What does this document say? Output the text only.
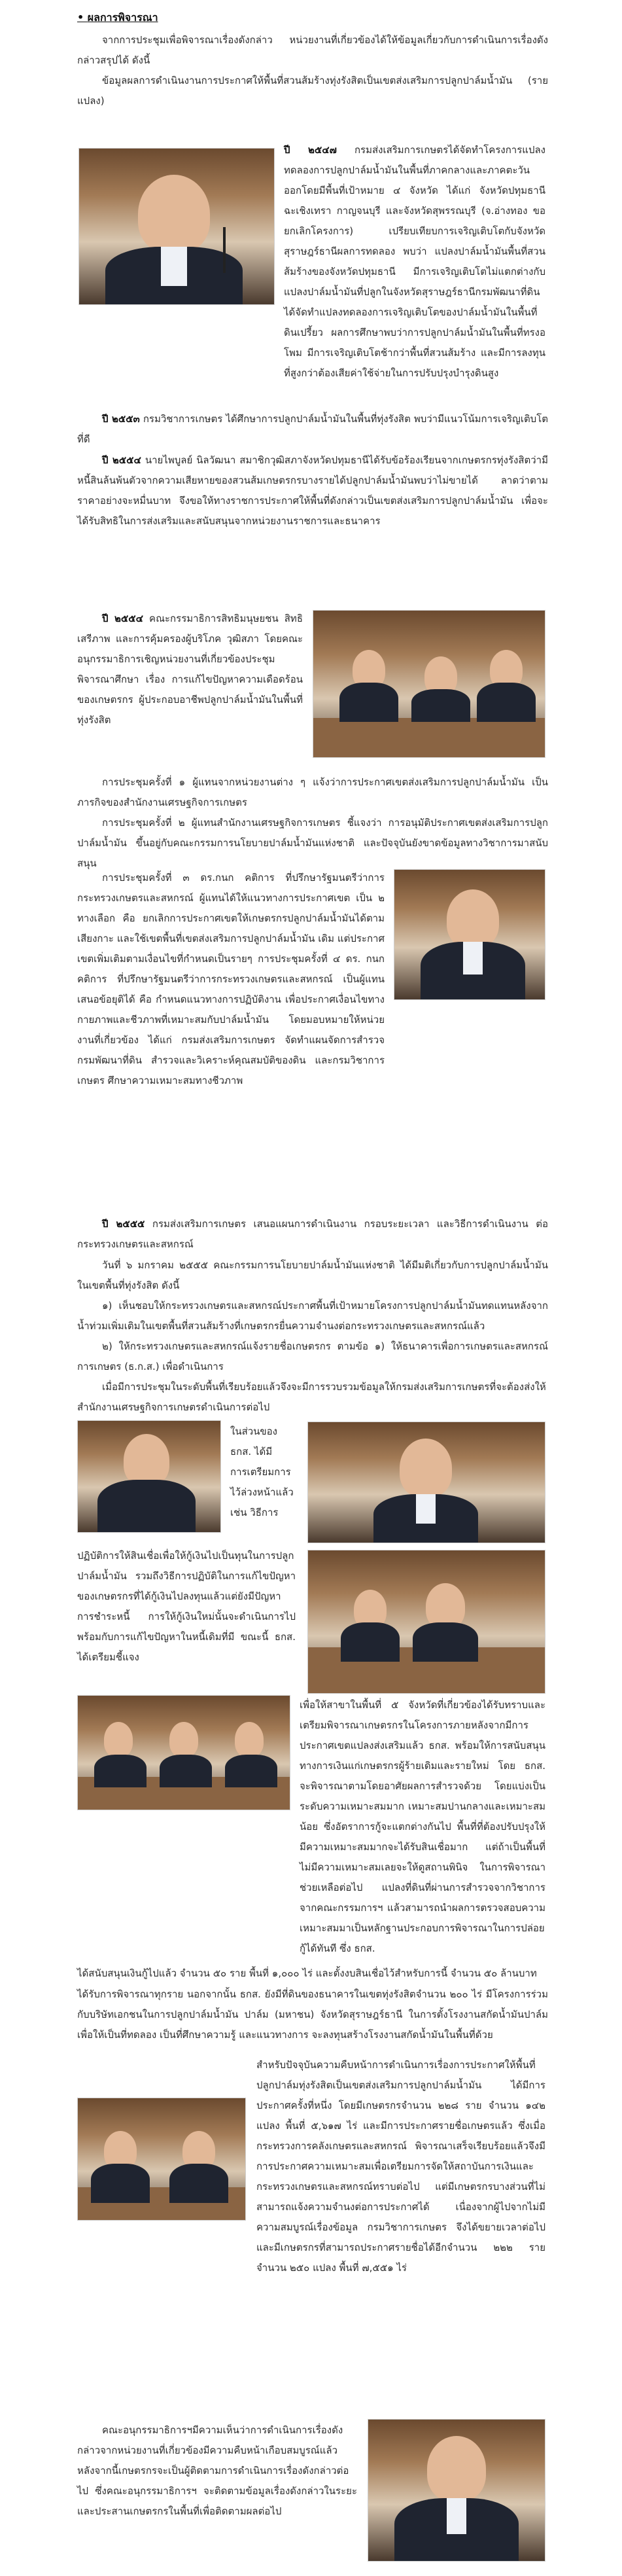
• ผลการพิจารณา

จากการประชุมเพื่อพิจารณาเรื่องดังกล่าว หน่วยงานที่เกี่ยวข้องได้ให้ข้อมูลเกี่ยวกับการดำเนินการเรื่องดังกล่าวสรุปได้ ดังนี้

ข้อมูลผลการดำเนินงานการประกาศให้พื้นที่สวนส้มร้างทุ่งรังสิตเป็นเขตส่งเสริมการปลูกปาล์มน้ำมัน (รายแปลง)

ปี ๒๕๔๗ กรมส่งเสริมการเกษตรได้จัดทำโครงการแปลงทดลองการปลูกปาล์มน้ำมันในพื้นที่ภาคกลางและภาคตะวันออกโดยมีพื้นที่เป้าหมาย ๔ จังหวัด ได้แก่ จังหวัดปทุมธานี ฉะเชิงเทรา กาญจนบุรี และจังหวัดสุพรรณบุรี (จ.อ่างทอง ขอยกเลิกโครงการ) เปรียบเทียบการเจริญเติบโตกับจังหวัดสุราษฎร์ธานีผลการทดลอง พบว่า แปลงปาล์มน้ำมันพื้นที่สวนส้มร้างของจังหวัดปทุมธานี มีการเจริญเติบโตไม่แตกต่างกับแปลงปาล์มน้ำมันที่ปลูกในจังหวัดสุราษฎร์ธานีกรมพัฒนาที่ดิน ได้จัดทำแปลงทดลองการเจริญเติบโตของปาล์มน้ำมันในพื้นที่ดินเปรี้ยว ผลการศึกษาพบว่าการปลูกปาล์มน้ำมันในพื้นที่ทรงอโพม มีการเจริญเติบโตช้ากว่าพื้นที่สวนส้มร้าง และมีการลงทุนที่สูงกว่าต้องเสียค่าใช้จ่ายในการปรับปรุงบำรุงดินสูง

ปี ๒๕๕๓ กรมวิชาการเกษตร ได้ศึกษาการปลูกปาล์มน้ำมันในพื้นที่ทุ่งรังสิต พบว่ามีแนวโน้มการเจริญเติบโตที่ดี

ปี ๒๕๕๔ นายไพบูลย์ นิลวัฒนา สมาชิกวุฒิสภาจังหวัดปทุมธานีได้รับข้อร้องเรียนจากเกษตรกรทุ่งรังสิตว่ามีหนี้สินล้นพ้นตัวจากความเสียหายของสวนส้มเกษตรกรบางรายได้ปลูกปาล์มน้ำมันพบว่าไม่ขายได้ ลาดว่าตามราคาอย่างจะหมื่นบาท จึงขอให้ทางราชการประกาศให้พื้นที่ดังกล่าวเป็นเขตส่งเสริมการปลูกปาล์มน้ำมัน เพื่อจะได้รับสิทธิในการส่งเสริมและสนับสนุนจากหน่วยงานราชการและธนาคาร

ปี ๒๕๕๔ คณะกรรมาธิการสิทธิมนุษยชน สิทธิเสรีภาพ และการคุ้มครองผู้บริโภค วุฒิสภา โดยคณะอนุกรรมาธิการเชิญหน่วยงานที่เกี่ยวข้องประชุมพิจารณาศึกษา เรื่อง การแก้ไขปัญหาความเดือดร้อนของเกษตรกร ผู้ประกอบอาชีพปลูกปาล์มน้ำมันในพื้นที่ทุ่งรังสิต

การประชุมครั้งที่ ๑ ผู้แทนจากหน่วยงานต่าง ๆ แจ้งว่าการประกาศเขตส่งเสริมการปลูกปาล์มน้ำมัน เป็นภารกิจของสำนักงานเศรษฐกิจการเกษตร

การประชุมครั้งที่ ๒ ผู้แทนสำนักงานเศรษฐกิจการเกษตร ชี้แจงว่า การอนุมัติประกาศเขตส่งเสริมการปลูกปาล์มน้ำมัน ขึ้นอยู่กับคณะกรรมการนโยบายปาล์มน้ำมันแห่งชาติ และปัจจุบันยังขาดข้อมูลทางวิชาการมาสนับสนุน

การประชุมครั้งที่ ๓ ดร.กนก คติการ ที่ปรึกษารัฐมนตรีว่าการกระทรวงเกษตรและสหกรณ์ ผู้แทนได้ให้แนวทางการประกาศเขต เป็น ๒ ทางเลือก คือ ยกเลิกการประกาศเขตให้เกษตรกรปลูกปาล์มน้ำมันได้ตามเสียงกาะ และใช้เขตพื้นที่เขตส่งเสริมการปลูกปาล์มน้ำมัน เดิม แต่ประกาศเขตเพิ่มเติมตามเงื่อนไขที่กำหนดเป็นรายๆ การประชุมครั้งที่ ๔ ดร. กนก คติการ ที่ปรึกษารัฐมนตรีว่าการกระทรวงเกษตรและสหกรณ์ เป็นผู้แทนเสนอข้อยุติได้ คือ กำหนดแนวทางการปฏิบัติงาน เพื่อประกาศเงื่อนไขทางกายภาพและชีวภาพที่เหมาะสมกับปาล์มน้ำมัน โดยมอบหมายให้หน่วยงานที่เกี่ยวข้อง ได้แก่ กรมส่งเสริมการเกษตร จัดทำแผนจัดการสำรวจ กรมพัฒนาที่ดิน สำรวจและวิเคราะห์คุณสมบัติของดิน และกรมวิชาการเกษตร ศึกษาความเหมาะสมทางชีวภาพ

ปี ๒๕๕๕ กรมส่งเสริมการเกษตร เสนอแผนการดำเนินงาน กรอบระยะเวลา และวิธีการดำเนินงาน ต่อกระทรวงเกษตรและสหกรณ์

วันที่ ๖ มกราคม ๒๕๕๕ คณะกรรมการนโยบายปาล์มน้ำมันแห่งชาติ ได้มีมติเกี่ยวกับการปลูกปาล์มน้ำมันในเขตพื้นที่ทุ่งรังสิต ดังนี้

๑) เห็นชอบให้กระทรวงเกษตรและสหกรณ์ประกาศพื้นที่เป้าหมายโครงการปลูกปาล์มน้ำมันทดแทนหลังจากน้ำท่วมเพิ่มเติมในเขตพื้นที่สวนส้มร้างที่เกษตรกรยื่นความจำนงต่อกระทรวงเกษตรและสหกรณ์แล้ว

๒) ให้กระทรวงเกษตรและสหกรณ์แจ้งรายชื่อเกษตรกร ตามข้อ ๑) ให้ธนาคารเพื่อการเกษตรและสหกรณ์การเกษตร (ธ.ก.ส.) เพื่อดำเนินการ

เมื่อมีการประชุมในระดับพื้นที่เรียบร้อยแล้วจึงจะมีการรวบรวมข้อมูลให้กรมส่งเสริมการเกษตรที่จะต้องส่งให้สำนักงานเศรษฐกิจการเกษตรดำเนินการต่อไป

ในส่วนของ ธกส. ได้มีการเตรียมการไว้ล่วงหน้าแล้ว เช่น วิธีการ

ปฏิบัติการให้สินเชื่อเพื่อให้กู้เงินไปเป็นทุนในการปลูกปาล์มน้ำมัน รวมถึงวิธีการปฏิบัติในการแก้ไขปัญหาของเกษตรกรที่ได้กู้เงินไปลงทุนแล้วแต่ยังมีปัญหาการชำระหนี้ การให้กู้เงินใหม่นั้นจะดำเนินการไปพร้อมกับการแก้ไขปัญหาในหนี้เดิมที่มี ขณะนี้ ธกส. ได้เตรียมชี้แจง

เพื่อให้สาขาในพื้นที่ ๕ จังหวัดที่เกี่ยวข้องได้รับทราบและเตรียมพิจารณาเกษตรกรในโครงการภายหลังจากมีการประกาศเขตแปลงส่งเสริมแล้ว ธกส. พร้อมให้การสนับสนุนทางการเงินแก่เกษตรกรผู้ร้ายเดิมและรายใหม่ โดย ธกส. จะพิจารณาตามโดยอาศัยผลการสำรวจด้วย โดยแบ่งเป็นระดับความเหมาะสมมาก เหมาะสมปานกลางและเหมาะสมน้อย ซึ่งอัตราการกู้จะแตกต่างกันไป พื้นที่ที่ต้องปรับปรุงให้มีความเหมาะสมมากจะได้รับสินเชื่อมาก แต่ถ้าเป็นพื้นที่ไม่มีความเหมาะสมเลยจะให้ดูสถานพินิจ ในการพิจารณาช่วยเหลือต่อไป แปลงที่ดินที่ผ่านการสำรวจจากวิชาการจากคณะกรรมการฯ แล้วสามารถนำผลการตรวจสอบความเหมาะสมมาเป็นหลักฐานประกอบการพิจารณาในการปล่อยกู้ได้ทันที ซึ่ง ธกส.

ได้สนับสนุนเงินกู้ไปแล้ว จำนวน ๕๐ ราย พื้นที่ ๑,๐๐๐ ไร่ และตั้งงบสินเชื่อไว้สำหรับการนี้ จำนวน ๕๐ ล้านบาท

ได้รับการพิจารณาทุกราย นอกจากนั้น ธกส. ยังมีที่ดินของธนาคารในเขตทุ่งรังสิตจำนวน ๒๐๐ ไร่ มีโครงการร่วมกับบริษัทเอกชนในการปลูกปาล์มน้ำมัน ปาล์ม (มหาชน) จังหวัดสุราษฎร์ธานี ในการตั้งโรงงานสกัดน้ำมันปาล์ม เพื่อให้เป็นที่ทดลอง เป็นที่ศึกษาความรู้ และแนวทางการ จะลงทุนสร้างโรงงานสกัดน้ำมันในพื้นที่ด้วย

สำหรับปัจจุบันความคืบหน้าการดำเนินการเรื่องการประกาศให้พื้นที่ปลูกปาล์มทุ่งรังสิตเป็นเขตส่งเสริมการปลูกปาล์มน้ำมัน ได้มีการประกาศครั้งที่หนึ่ง โดยมีเกษตรกรจำนวน ๒๒๘ ราย จำนวน ๑๔๒ แปลง พื้นที่ ๕,๖๑๗ ไร่ และมีการประกาศรายชื่อเกษตรแล้ว ซึ่งเมื่อกระทรวงการคลังเกษตรและสหกรณ์ พิจารณาเสร็จเรียบร้อยแล้วจึงมีการประกาศความเหมาะสมเพื่อเตรียมการจัดให้สถาบันการเงินและกระทรวงเกษตรและสหกรณ์ทราบต่อไป แต่มีเกษตรกรบางส่วนที่ไม่สามารถแจ้งความจำนงต่อการประกาศได้ เนื่องจากผู้ไปจากไม่มีความสมบูรณ์เรื่องข้อมูล กรมวิชาการเกษตร จึงได้ขยายเวลาต่อไป และมีเกษตรกรที่สามารถประกาศรายชื่อได้อีกจำนวน ๒๒๒ ราย จำนวน ๒๕๐ แปลง พื้นที่ ๗,๕๕๑ ไร่

คณะอนุกรรมาธิการฯมีความเห็นว่าการดำเนินการเรื่องดังกล่าวจากหน่วยงานที่เกี่ยวข้องมีความคืบหน้าเกือบสมบูรณ์แล้ว หลังจากนี้เกษตรกรจะเป็นผู้ติดตามการดำเนินการเรื่องดังกล่าวต่อไป ซึ่งคณะอนุกรรมาธิการฯ จะติดตามข้อมูลเรื่องดังกล่าวในระยะและประสานเกษตรกรในพื้นที่เพื่อติดตามผลต่อไป
